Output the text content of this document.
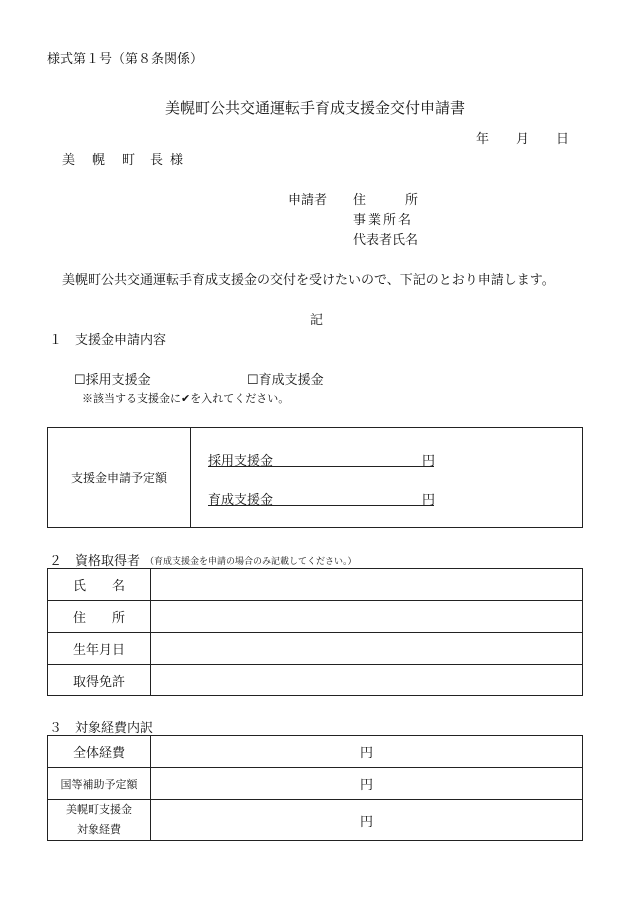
様式第１号（第８条関係）
美幌町公共交通運転手育成支援金交付申請書
年 月 日
美 幌 町 長 様
申請者 住　　　所
事業所名
代表者氏名
美幌町公共交通運転手育成支援金の交付を受けたいので、下記のとおり申請します。
記
１　支援金申請内容
☐採用支援金	☐育成支援金
※該当する支援金に✔を入れてください。
支援金申請予定額	
採用支援金	円
育成支援金	円
２　資格取得者 （育成支援金を申請の場合のみ記載してください。）
氏　　名	
住　　所	
生年月日	
取得免許	
３　対象経費内訳
全体経費	円
国等補助予定額	円

美幌町支援金
対象経費	円
